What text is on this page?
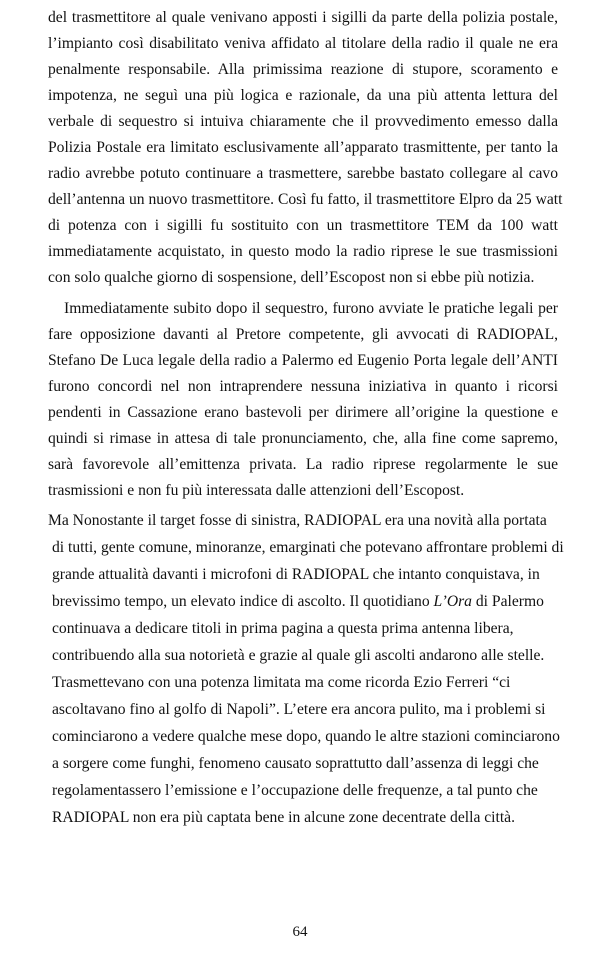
del trasmettitore al quale venivano apposti i sigilli da parte della polizia postale,
l’impianto così disabilitato veniva affidato al titolare della radio il quale ne era
penalmente responsabile. Alla primissima reazione di stupore, scoramento e
impotenza, ne seguì una più logica e razionale, da una più attenta lettura del
verbale di sequestro si intuiva chiaramente che il provvedimento emesso dalla
Polizia Postale era limitato esclusivamente all’apparato trasmittente, per tanto la
radio avrebbe potuto continuare a trasmettere, sarebbe bastato collegare al cavo
dell’antenna un nuovo trasmettitore. Così fu fatto, il trasmettitore Elpro da 25 watt
di potenza con i sigilli fu sostituito con un trasmettitore TEM da 100 watt
immediatamente acquistato, in questo modo la radio riprese le sue trasmissioni
con solo qualche giorno di sospensione, dell’Escopost non si ebbe più notizia.
Immediatamente subito dopo il sequestro, furono avviate le pratiche legali per
fare opposizione davanti al Pretore competente, gli avvocati di RADIOPAL,
Stefano De Luca legale della radio a Palermo ed Eugenio Porta legale dell’ANTI
furono concordi nel non intraprendere nessuna iniziativa in quanto i ricorsi
pendenti in Cassazione erano bastevoli per dirimere all’origine la questione e
quindi si rimase in attesa di tale pronunciamento, che, alla fine come sapremo,
sarà favorevole all’emittenza privata. La radio riprese regolarmente le sue
trasmissioni e non fu più interessata dalle attenzioni dell’Escopost.
Ma Nonostante il target fosse di sinistra, RADIOPAL era una novità alla portata
di tutti, gente comune, minoranze, emarginati che potevano affrontare problemi di
grande attualità davanti i microfoni di RADIOPAL che intanto conquistava, in
brevissimo tempo, un elevato indice di ascolto. Il quotidiano L’Ora di Palermo
continuava a dedicare titoli in prima pagina a questa prima antenna libera,
contribuendo alla sua notorietà e grazie al quale gli ascolti andarono alle stelle.
Trasmettevano con una potenza limitata ma come ricorda Ezio Ferreri “ci
ascoltavano fino al golfo di Napoli”. L’etere era ancora pulito, ma i problemi si
cominciarono a vedere qualche mese dopo, quando le altre stazioni cominciarono
a sorgere come funghi, fenomeno causato soprattutto dall’assenza di leggi che
regolamentassero l’emissione e l’occupazione delle frequenze, a tal punto che
RADIOPAL non era più captata bene in alcune zone decentrate della città.
64
